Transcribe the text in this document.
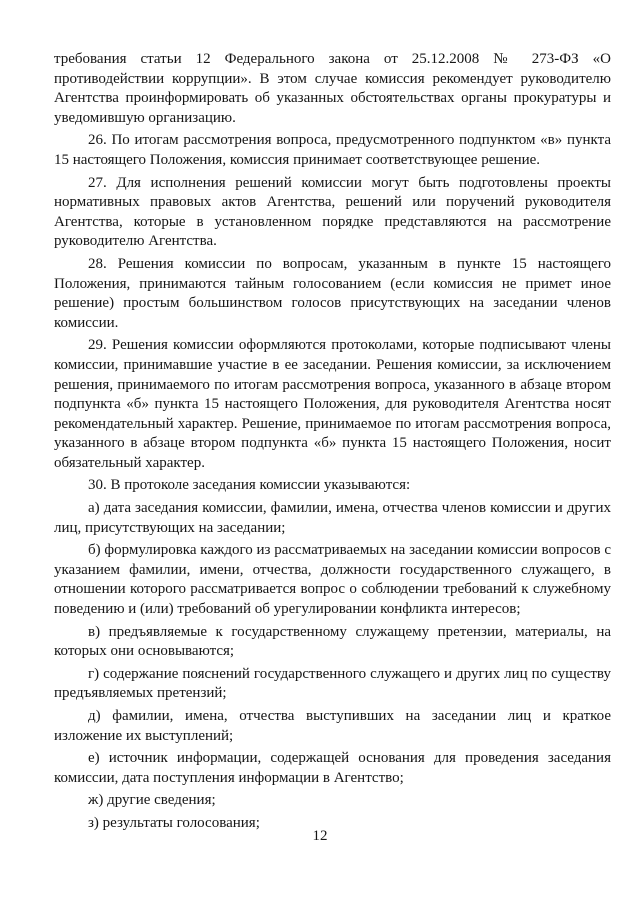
требования статьи 12 Федерального закона от 25.12.2008 № 273-ФЗ «О противодействии коррупции». В этом случае комиссия рекомендует руководителю Агентства проинформировать об указанных обстоятельствах органы прокуратуры и уведомившую организацию.

26. По итогам рассмотрения вопроса, предусмотренного подпунктом «в» пункта 15 настоящего Положения, комиссия принимает соответствующее решение.

27. Для исполнения решений комиссии могут быть подготовлены проекты нормативных правовых актов Агентства, решений или поручений руководителя Агентства, которые в установленном порядке представляются на рассмотрение руководителю Агентства.

28. Решения комиссии по вопросам, указанным в пункте 15 настоящего Положения, принимаются тайным голосованием (если комиссия не примет иное решение) простым большинством голосов присутствующих на заседании членов комиссии.

29. Решения комиссии оформляются протоколами, которые подписывают члены комиссии, принимавшие участие в ее заседании. Решения комиссии, за исключением решения, принимаемого по итогам рассмотрения вопроса, указанного в абзаце втором подпункта «б» пункта 15 настоящего Положения, для руководителя Агентства носят рекомендательный характер. Решение, принимаемое по итогам рассмотрения вопроса, указанного в абзаце втором подпункта «б» пункта 15 настоящего Положения, носит обязательный характер.

30. В протоколе заседания комиссии указываются:

а) дата заседания комиссии, фамилии, имена, отчества членов комиссии и других лиц, присутствующих на заседании;

б) формулировка каждого из рассматриваемых на заседании комиссии вопросов с указанием фамилии, имени, отчества, должности государственного служащего, в отношении которого рассматривается вопрос о соблюдении требований к служебному поведению и (или) требований об урегулировании конфликта интересов;

в) предъявляемые к государственному служащему претензии, материалы, на которых они основываются;

г) содержание пояснений государственного служащего и других лиц по существу предъявляемых претензий;

д) фамилии, имена, отчества выступивших на заседании лиц и краткое изложение их выступлений;

е) источник информации, содержащей основания для проведения заседания комиссии, дата поступления информации в Агентство;

ж) другие сведения;

з) результаты голосования;

12
